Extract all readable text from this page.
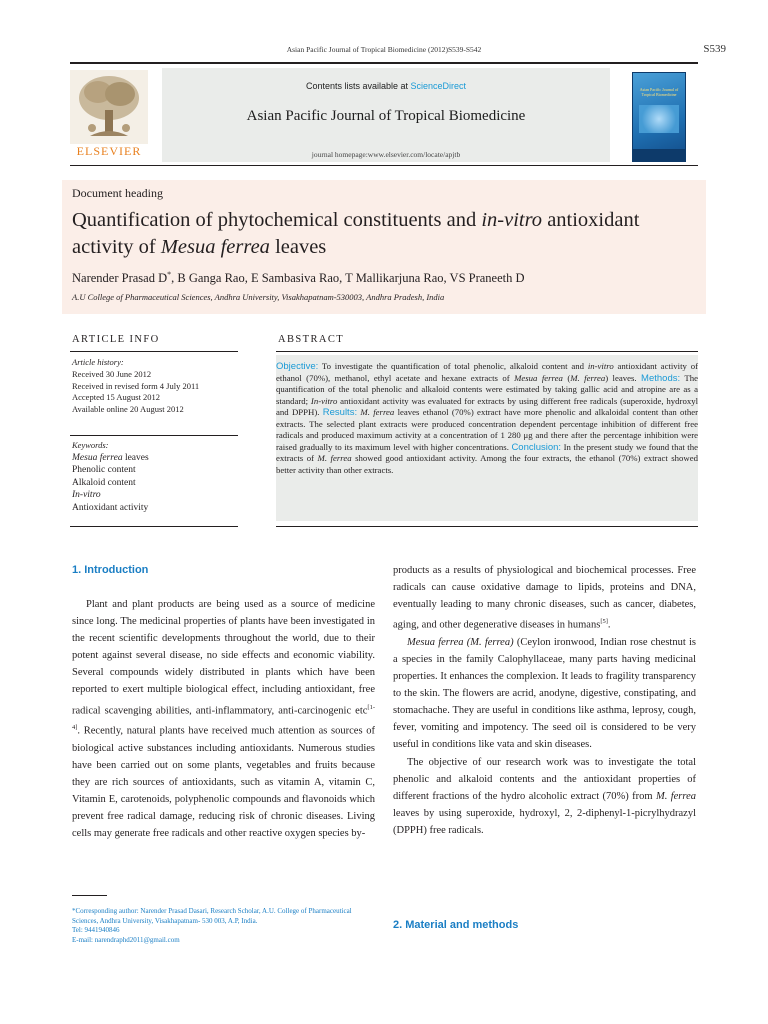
Asian Pacific Journal of Tropical Biomedicine (2012)S539-S542	S539
ELSEVIER
Contents lists available at ScienceDirect
Asian Pacific Journal of Tropical Biomedicine
journal homepage:www.elsevier.com/locate/apjtb
Asian Pacific Journal of Tropical Biomedicine
Document heading
Quantification of phytochemical constituents and in-vitro antioxidant activity of Mesua ferrea leaves
Narender Prasad D*, B Ganga Rao, E Sambasiva Rao, T Mallikarjuna Rao, VS Praneeth D
A.U College of Pharmaceutical Sciences, Andhra University, Visakhapatnam-530003, Andhra Pradesh, India
ARTICLE INFO	ABSTRACT
Article history:
Received 30 June 2012
Received in revised form 4 July 2011
Accepted 15 August 2012
Available online 20 August 2012
Keywords:
Mesua ferrea leaves
Phenolic content
Alkaloid content
In-vitro
Antioxidant activity

Objective: To investigate the quantification of total phenolic, alkaloid content and in-vitro antioxidant activity of ethanol (70%), methanol, ethyl acetate and hexane extracts of Mesua ferrea (M. ferrea) leaves. Methods: The quantification of the total phenolic and alkaloid contents were estimated by taking gallic acid and atropine are as a standard; In-vitro antioxidant activity was evaluated for extracts by using different free radicals (superoxide, hydroxyl and DPPH). Results: M. ferrea leaves ethanol (70%) extract have more phenolic and alkaloidal content than other extracts. The selected plant extracts were produced concentration dependent percentage inhibition of different free radicals and produced maximum activity at a concentration of 1 280 μg and there after the percentage inhibition were raised gradually to its maximum level with higher concentrations. Conclusion: In the present study we found that the extracts of M. ferrea showed good antioxidant activity. Among the four extracts, the ethanol (70%) extract showed better activity than other extracts.

1. Introduction

Plant and plant products are being used as a source of medicine since long. The medicinal properties of plants have been investigated in the recent scientific developments throughout the world, due to their potent against several disease, no side effects and economic viability. Several compounds widely distributed in plants which have been reported to exert multiple biological effect, including antioxidant, free radical scavenging abilities, anti-inflammatory, anti-carcinogenic etc[1-4]. Recently, natural plants have received much attention as sources of biological active substances including antioxidants. Numerous studies have been carried out on some plants, vegetables and fruits because they are rich sources of antioxidants, such as vitamin A, vitamin C, Vitamin E, carotenoids, polyphenolic compounds and flavonoids which prevent free radical damage, reducing risk of chronic diseases. Living cells may generate free radicals and other reactive oxygen species by-

products as a results of physiological and biochemical processes. Free radicals can cause oxidative damage to lipids, proteins and DNA, eventually leading to many chronic diseases, such as cancer, diabetes, aging, and other degenerative diseases in humans[5].

Mesua ferrea (M. ferrea) (Ceylon ironwood, Indian rose chestnut is a species in the family Calophyllaceae, many parts having medicinal properties. It enhances the complexion. It leads to fragility transparency to the skin. The flowers are acrid, anodyne, digestive, constipating, and stomachache. They are useful in conditions like asthma, leprosy, cough, fever, vomiting and impotency. The seed oil is considered to be very useful in conditions like vata and skin diseases.

The objective of our research work was to investigate the total phenolic and alkaloid contents and the antioxidant properties of different fractions of the hydro alcoholic extract (70%) from M. ferrea leaves by using superoxide, hydroxyl, 2, 2-diphenyl-1-picrylhydrazyl (DPPH) free radicals.

*Corresponding author: Narender Prasad Dasari, Research Scholar, A.U. College of Pharmaceutical Sciences, Andhra University, Visakhapatnam- 530 003, A.P, India.
Tel: 9441940846
E-mail: narendraphd2011@gmail.com
2. Material and methods
